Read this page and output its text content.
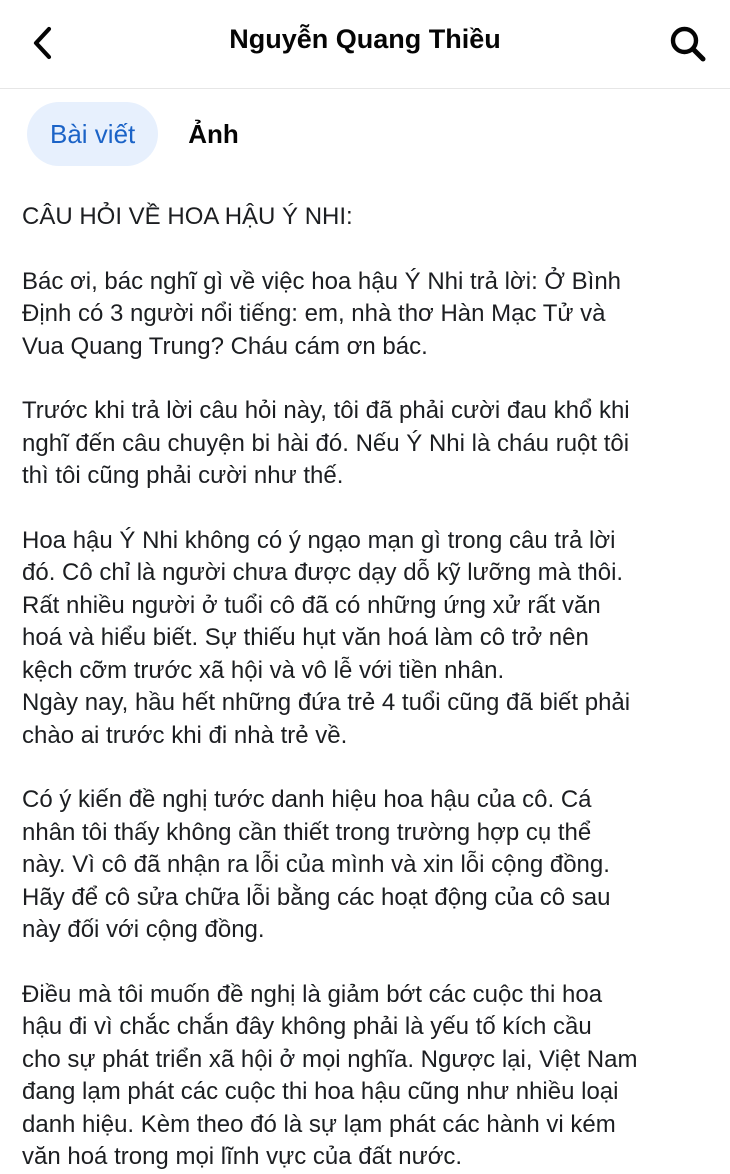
Nguyễn Quang Thiều
Bài viết	Ảnh

CÂU HỎI VỀ HOA HẬU Ý NHI:

Bác ơi, bác nghĩ gì về việc hoa hậu Ý Nhi trả lời: Ở Bình
Định có 3 người nổi tiếng: em, nhà thơ Hàn Mạc Tử và
Vua Quang Trung? Cháu cám ơn bác.

Trước khi trả lời câu hỏi này, tôi đã phải cười đau khổ khi
nghĩ đến câu chuyện bi hài đó. Nếu Ý Nhi là cháu ruột tôi
thì tôi cũng phải cười như thế.

Hoa hậu Ý Nhi không có ý ngạo mạn gì trong câu trả lời
đó. Cô chỉ là người chưa được dạy dỗ kỹ lưỡng mà thôi.
Rất nhiều người ở tuổi cô đã có những ứng xử rất văn
hoá và hiểu biết. Sự thiếu hụt văn hoá làm cô trở nên
kệch cỡm trước xã hội và vô lễ với tiền nhân.
Ngày nay, hầu hết những đứa trẻ 4 tuổi cũng đã biết phải
chào ai trước khi đi nhà trẻ về.

Có ý kiến đề nghị tước danh hiệu hoa hậu của cô. Cá
nhân tôi thấy không cần thiết trong trường hợp cụ thể
này. Vì cô đã nhận ra lỗi của mình và xin lỗi cộng đồng.
Hãy để cô sửa chữa lỗi bằng các hoạt động của cô sau
này đối với cộng đồng.

Điều mà tôi muốn đề nghị là giảm bớt các cuộc thi hoa
hậu đi vì chắc chắn đây không phải là yếu tố kích cầu
cho sự phát triển xã hội ở mọi nghĩa. Ngược lại, Việt Nam
đang lạm phát các cuộc thi hoa hậu cũng như nhiều loại
danh hiệu. Kèm theo đó là sự lạm phát các hành vi kém
văn hoá trong mọi lĩnh vực của đất nước.
